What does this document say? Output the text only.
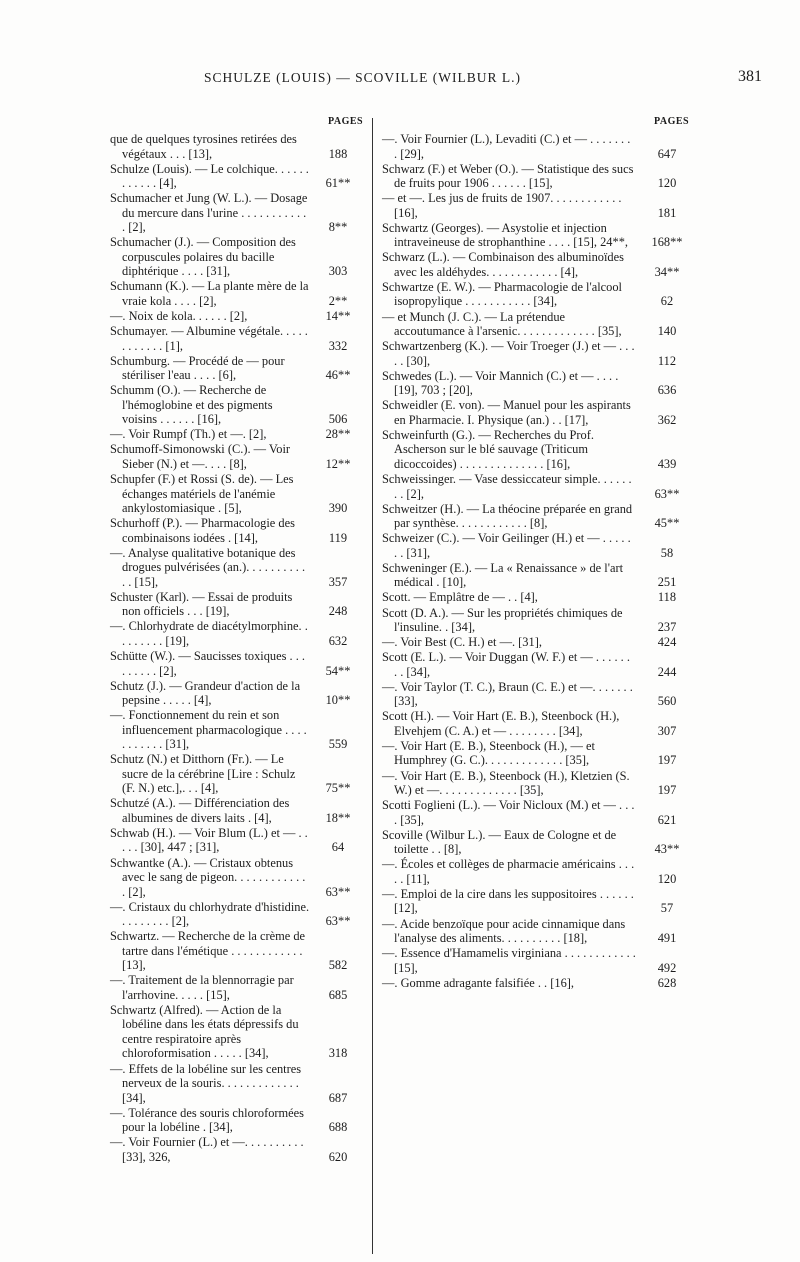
SCHULZE (LOUIS) — SCOVILLE (WILBUR L.)	381
PAGES
que de quelques tyrosines retirées des végétaux . . . [13],	188
Schulze (Louis). — Le colchique. . . . . . . . . . . . [4],	61**
Schumacher et Jung (W. L.). — Dosage du mercure dans l'urine . . . . . . . . . . . . [2],	8**
Schumacher (J.). — Composition des corpuscules polaires du bacille diphtérique . . . . [31],	303
Schumann (K.). — La plante mère de la vraie kola . . . . [2],	2**
—. Noix de kola. . . . . . [2],	14**
Schumayer. — Albumine végétale. . . . . . . . . . . . [1],	332
Schumburg. — Procédé de — pour stériliser l'eau . . . . [6],	46**
Schumm (O.). — Recherche de l'hémoglobine et des pigments voisins . . . . . . [16],	506
—. Voir Rumpf (Th.) et —. [2],	28**
Schumoff-Simonowski (C.). — Voir Sieber (N.) et —. . . . [8],	12**
Schupfer (F.) et Rossi (S. de). — Les échanges matériels de l'anémie ankylostomiasique . [5],	390
Schurhoff (P.). — Pharmacologie des combinaisons iodées . [14],	119
—. Analyse qualitative botanique des drogues pulvérisées (an.). . . . . . . . . . . . [15],	357
Schuster (Karl). — Essai de produits non officiels . . . [19],	248
—. Chlorhydrate de diacétylmorphine. . . . . . . . . [19],	632
Schütte (W.). — Saucisses toxiques . . . . . . . . . [2],	54**
Schutz (J.). — Grandeur d'action de la pepsine . . . . . [4],	10**
—. Fonctionnement du rein et son influencement pharmacologique . . . . . . . . . . . [31],	559
Schutz (N.) et Ditthorn (Fr.). — Le sucre de la cérébrine [Lire : Schulz (F. N.) etc.],. . . [4],	75**
Schutzé (A.). — Différenciation des albumines de divers laits . [4],	18**
Schwab (H.). — Voir Blum (L.) et — . . . . . [30], 447 ; [31],	64
Schwantke (A.). — Cristaux obtenus avec le sang de pigeon. . . . . . . . . . . . . [2],	63**
—. Cristaux du chlorhydrate d'histidine. . . . . . . . . [2],	63**
Schwartz. — Recherche de la crème de tartre dans l'émétique . . . . . . . . . . . . [13],	582
—. Traitement de la blennorragie par l'arrhovine. . . . . [15],	685
Schwartz (Alfred). — Action de la lobéline dans les états dépressifs du centre respiratoire après chloroformisation . . . . . [34],	318
—. Effets de la lobéline sur les centres nerveux de la souris. . . . . . . . . . . . . [34],	687
—. Tolérance des souris chloroformées pour la lobéline . [34],	688
—. Voir Fournier (L.) et —. . . . . . . . . . [33], 326,	620
PAGES
—. Voir Fournier (L.), Levaditi (C.) et — . . . . . . . . [29],	647
Schwarz (F.) et Weber (O.). — Statistique des sucs de fruits pour 1906 . . . . . . [15],	120
— et —. Les jus de fruits de 1907. . . . . . . . . . . . [16],	181
Schwartz (Georges). — Asystolie et injection intraveineuse de strophanthine . . . . [15], 24**,	168**
Schwarz (L.). — Combinaison des albuminoïdes avec les aldéhydes. . . . . . . . . . . . [4],	34**
Schwartze (E. W.). — Pharmacologie de l'alcool isopropylique . . . . . . . . . . . [34],	62
— et Munch (J. C.). — La prétendue accoutumance à l'arsenic. . . . . . . . . . . . . [35],	140
Schwartzenberg (K.). — Voir Troeger (J.) et — . . . . . [30],	112
Schwedes (L.). — Voir Mannich (C.) et — . . . . [19], 703 ; [20],	636
Schweidler (E. von). — Manuel pour les aspirants en Pharmacie. I. Physique (an.) . . [17],	362
Schweinfurth (G.). — Recherches du Prof. Ascherson sur le blé sauvage (Triticum dicoccoides) . . . . . . . . . . . . . . [16],	439
Schweissinger. — Vase dessiccateur simple. . . . . . . . [2],	63**
Schweitzer (H.). — La théocine préparée en grand par synthèse. . . . . . . . . . . . [8],	45**
Schweizer (C.). — Voir Geilinger (H.) et — . . . . . . . [31],	58
Schweninger (E.). — La « Renaissance » de l'art médical . [10],	251
Scott. — Emplâtre de — . . [4],	118
Scott (D. A.). — Sur les propriétés chimiques de l'insuline. . [34],	237
—. Voir Best (C. H.) et —. [31],	424
Scott (E. L.). — Voir Duggan (W. F.) et — . . . . . . . . [34],	244
—. Voir Taylor (T. C.), Braun (C. E.) et —. . . . . . . [33],	560
Scott (H.). — Voir Hart (E. B.), Steenbock (H.), Elvehjem (C. A.) et — . . . . . . . . [34],	307
—. Voir Hart (E. B.), Steenbock (H.), — et Humphrey (G. C.). . . . . . . . . . . . . [35],	197
—. Voir Hart (E. B.), Steenbock (H.), Kletzien (S. W.) et —. . . . . . . . . . . . . [35],	197
Scotti Foglieni (L.). — Voir Nicloux (M.) et — . . . . [35],	621
Scoville (Wilbur L.). — Eaux de Cologne et de toilette . . [8],	43**
—. Écoles et collèges de pharmacie américains . . . . . [11],	120
—. Emploi de la cire dans les suppositoires . . . . . . [12],	57
—. Acide benzoïque pour acide cinnamique dans l'analyse des aliments. . . . . . . . . . [18],	491
—. Essence d'Hamamelis virginiana . . . . . . . . . . . . [15],	492
—. Gomme adragante falsifiée . . [16],	628
